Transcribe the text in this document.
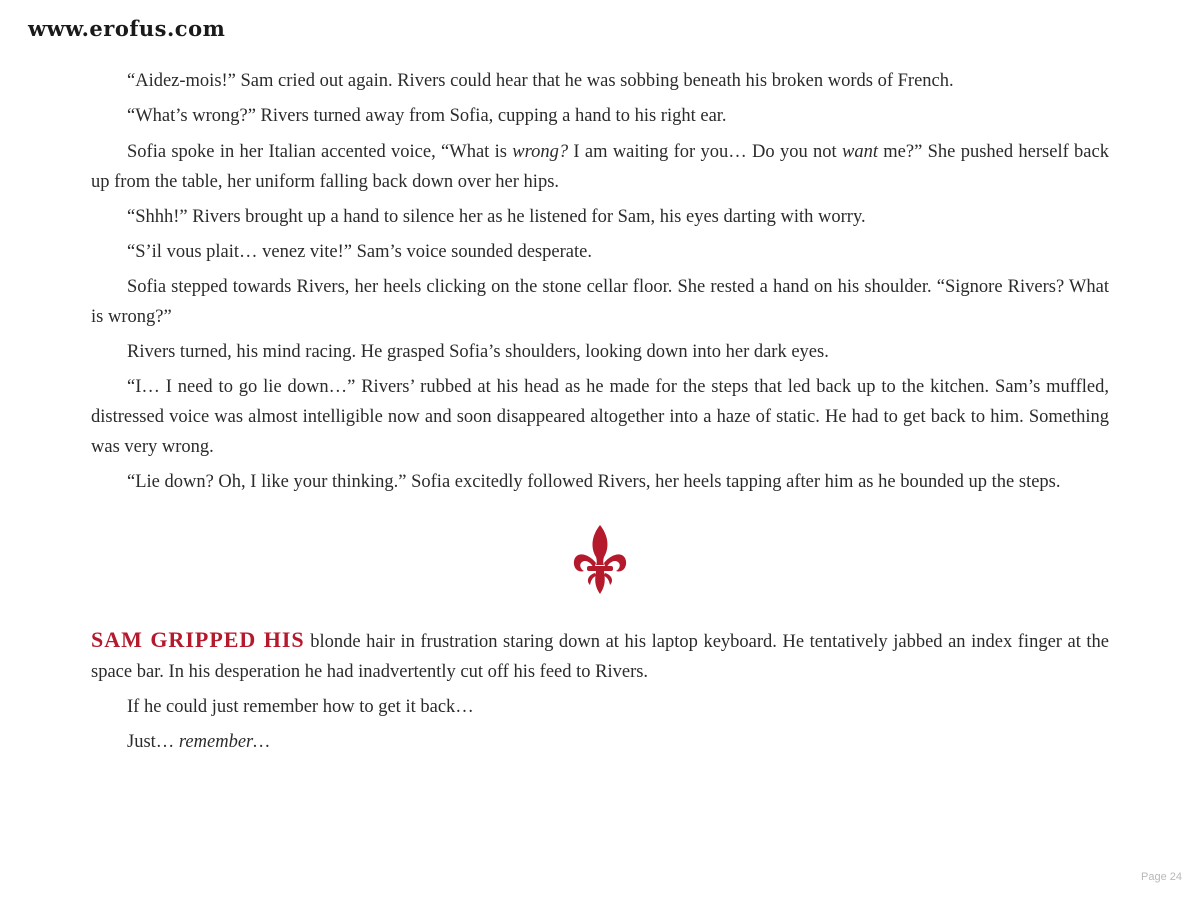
www.erofus.com

“Aidez-mois!” Sam cried out again. Rivers could hear that he was sobbing beneath his broken words of French.

“What’s wrong?” Rivers turned away from Sofia, cupping a hand to his right ear.

Sofia spoke in her Italian accented voice, “What is wrong? I am waiting for you… Do you not want me?” She pushed herself back up from the table, her uniform falling back down over her hips.

“Shhh!” Rivers brought up a hand to silence her as he listened for Sam, his eyes darting with worry.

“S’il vous plait… venez vite!” Sam’s voice sounded desperate.

Sofia stepped towards Rivers, her heels clicking on the stone cellar floor. She rested a hand on his shoulder. “Signore Rivers? What is wrong?”

Rivers turned, his mind racing. He grasped Sofia’s shoulders, looking down into her dark eyes.

“I… I need to go lie down…” Rivers’ rubbed at his head as he made for the steps that led back up to the kitchen. Sam’s muffled, distressed voice was almost intelligible now and soon disappeared altogether into a haze of static. He had to get back to him. Something was very wrong.

“Lie down? Oh, I like your thinking.” Sofia excitedly followed Rivers, her heels tapping after him as he bounded up the steps.

SAM GRIPPED HIS blonde hair in frustration staring down at his laptop keyboard. He tentatively jabbed an index finger at the space bar. In his desperation he had inadvertently cut off his feed to Rivers.

If he could just remember how to get it back…

Just… remember…

Page 24
